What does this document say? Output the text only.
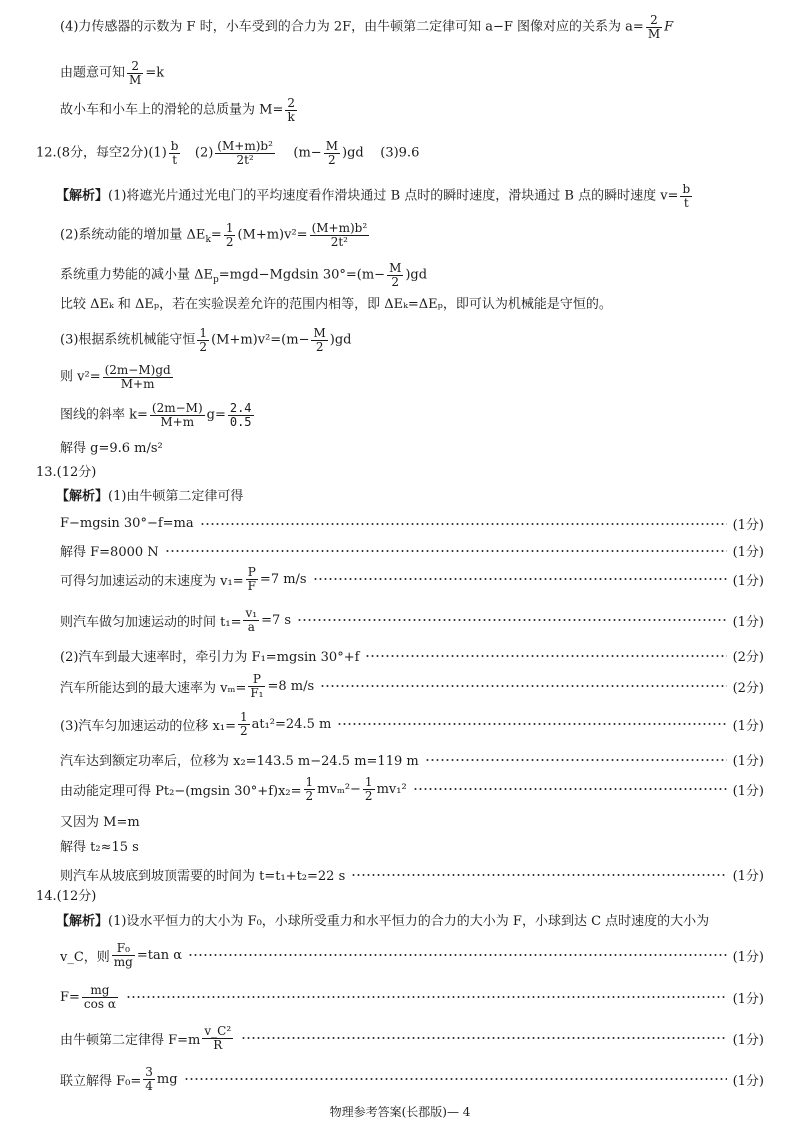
(4)力传感器的示数为 F 时，小车受到的合力为 2F，由牛顿第二定律可知 a−F 图像对应的关系为 $a= \frac{2}{M}$ F
由题意可知 $\frac{2}{M} =k$
故小车和小车上的滑轮的总质量为 $M= \frac{2}{k}$
12.(8分，每空2分)$(1) \frac{b}{t} (2) \frac{\text{(M+m)b²}}{\text{2t²}} (m- \frac{M}{2} )gd$ (3)9.6
【解析】(1)将遮光片通过光电门的平均速度看作滑块通过 B 点时的瞬时速度，滑块通过 B 点的瞬时速度 $v= \frac{b}{t}$
(2)系统动能的增加量 $\Delta E_k= \frac{1}{2} (M+m)v^2= \frac{\text{(M+m)b²}}{\text{2t²}}$
系统重力势能的减小量 $\Delta E_p=mgd-Mgdsin$ $30^\circ=(m- \frac{M}{2} )gd$
比较 ΔEₖ 和 ΔEₚ，若在实验误差允许的范围内相等，即 ΔEₖ=ΔEₚ，即可认为机械能是守恒的。
(3)根据系统机械能守恒 $\frac{1}{2} (M+m)v^2=(m- \frac{M}{2} )gd$
则 $v^2= \frac{(2m-M)gd}{M+m}$
图线的斜率 $k= \frac{(2m-M)}{M+m} g= \frac{2.4}{0.5}$
解得 g=9.6 m/s²
13.(12分)
【解析】(1)由牛顿第二定律可得
F−mgsin 30°−f=ma	(1分)
解得 F=8000 N	(1分)
可得匀加速运动的末速度为 $v_1= \frac{P}{F} =7$ m/s	(1分)
则汽车做匀加速运动的时间 $t_1= \frac{\text{v₁}}{a} =7$ s	(1分)
(2)汽车到最大速率时，牵引力为 F₁=mgsin 30°+f	(2分)
汽车所能达到的最大速率为 $v_m= \frac{P}{\text{F₁}} =8$ m/s	(2分)
(3)汽车匀加速运动的位移 $x_1= \frac{1}{2} at_1^2=24.5$ m	(1分)
汽车达到额定功率后，位移为 x₂=143.5 m−24.5 m=119 m	(1分)
由动能定理可得 Pt₂−(mgsin $30^\circ+f)x_2= \frac{1}{2} mv_m^2- \frac{1}{2} mv_1^2$	(1分)
又因为 M=m
解得 t₂≈15 s
则汽车从坡底到坡顶需要的时间为 t=t₁+t₂=22 s	(1分)
14.(12分)
【解析】(1)设水平恒力的大小为 F₀，小球所受重力和水平恒力的合力的大小为 F，小球到达 C 点时速度的大小为
v_C，则 $\frac{\text{F₀}}{mg} =\tan$ α	(1分)
$F= \frac{mg}{\text{cos α}}$	(1分)
由牛顿第二定律得 $F=m \frac{\text{v\_C²}}{R}$	(1分)
联立解得 $F_0= \frac{3}{4}$ mg	(1分)
物理参考答案(长郡版)— 4
